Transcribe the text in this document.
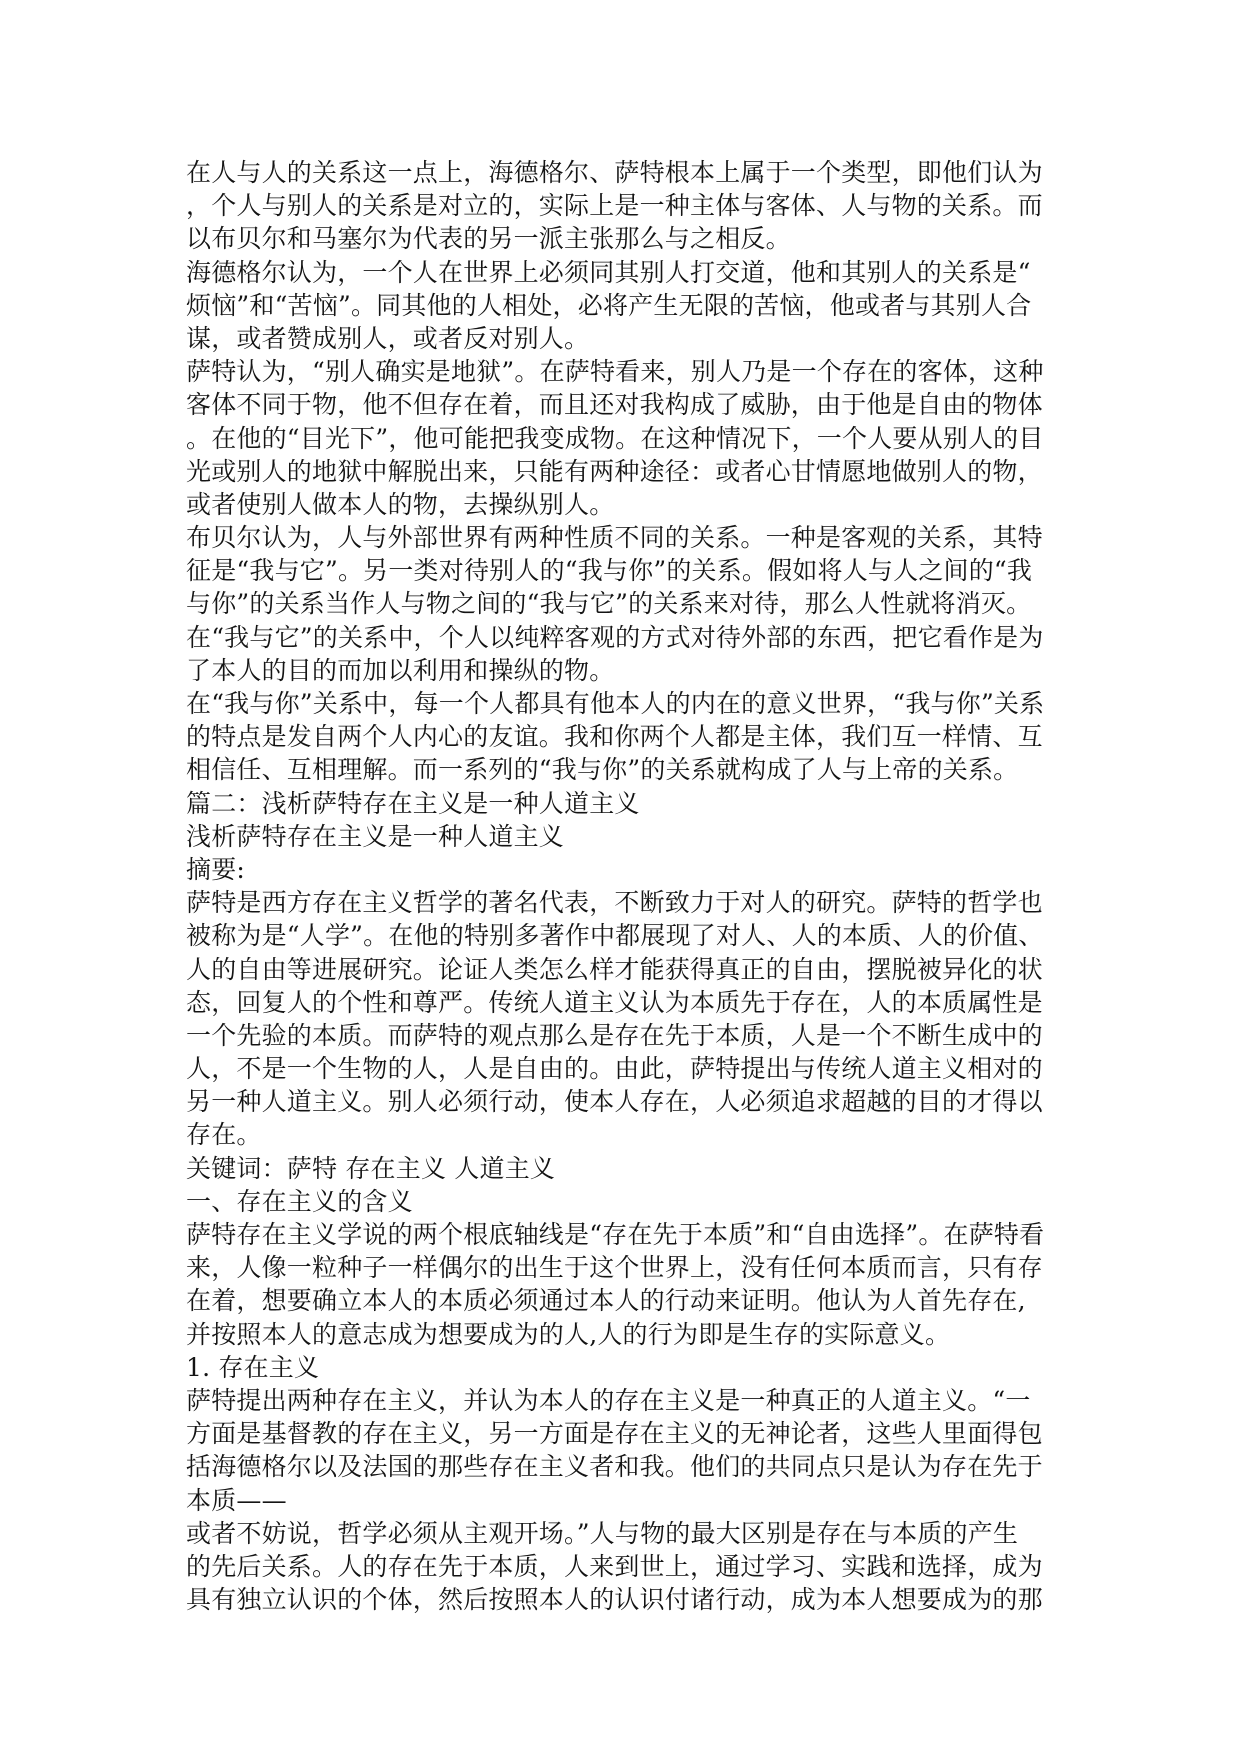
在人与人的关系这一点上，海德格尔、萨特根本上属于一个类型，即他们认为
，个人与别人的关系是对立的，实际上是一种主体与客体、人与物的关系。而
以布贝尔和马塞尔为代表的另一派主张那么与之相反。
海德格尔认为，一个人在世界上必须同其别人打交道，他和其别人的关系是“
烦恼”和“苦恼”。同其他的人相处，必将产生无限的苦恼，他或者与其别人合
谋，或者赞成别人，或者反对别人。
萨特认为，“别人确实是地狱”。在萨特看来，别人乃是一个存在的客体，这种
客体不同于物，他不但存在着，而且还对我构成了威胁，由于他是自由的物体
。在他的“目光下”，他可能把我变成物。在这种情况下，一个人要从别人的目
光或别人的地狱中解脱出来，只能有两种途径：或者心甘情愿地做别人的物，
或者使别人做本人的物，去操纵别人。
布贝尔认为，人与外部世界有两种性质不同的关系。一种是客观的关系，其特
征是“我与它”。另一类对待别人的“我与你”的关系。假如将人与人之间的“我
与你”的关系当作人与物之间的“我与它”的关系来对待，那么人性就将消灭。
在“我与它”的关系中，个人以纯粹客观的方式对待外部的东西，把它看作是为
了本人的目的而加以利用和操纵的物。
在“我与你”关系中，每一个人都具有他本人的内在的意义世界，“我与你”关系
的特点是发自两个人内心的友谊。我和你两个人都是主体，我们互一样情、互
相信任、互相理解。而一系列的“我与你”的关系就构成了人与上帝的关系。
篇二：浅析萨特存在主义是一种人道主义
浅析萨特存在主义是一种人道主义
摘要:
萨特是西方存在主义哲学的著名代表，不断致力于对人的研究。萨特的哲学也
被称为是“人学”。在他的特别多著作中都展现了对人、人的本质、人的价值、
人的自由等进展研究。论证人类怎么样才能获得真正的自由，摆脱被异化的状
态，回复人的个性和尊严。传统人道主义认为本质先于存在，人的本质属性是
一个先验的本质。而萨特的观点那么是存在先于本质，人是一个不断生成中的
人，不是一个生物的人，人是自由的。由此，萨特提出与传统人道主义相对的
另一种人道主义。别人必须行动，使本人存在，人必须追求超越的目的才得以
存在。
关键词：萨特 存在主义 人道主义
一、存在主义的含义
萨特存在主义学说的两个根底轴线是“存在先于本质”和“自由选择”。在萨特看
来，人像一粒种子一样偶尔的出生于这个世界上，没有任何本质而言，只有存
在着，想要确立本人的本质必须通过本人的行动来证明。他认为人首先存在,
并按照本人的意志成为想要成为的人,人的行为即是生存的实际意义。
1. 存在主义
萨特提出两种存在主义，并认为本人的存在主义是一种真正的人道主义。“一
方面是基督教的存在主义，另一方面是存在主义的无神论者，这些人里面得包
括海德格尔以及法国的那些存在主义者和我。他们的共同点只是认为存在先于
本质——
或者不妨说，哲学必须从主观开场。”人与物的最大区别是存在与本质的产生
的先后关系。人的存在先于本质，人来到世上，通过学习、实践和选择，成为
具有独立认识的个体，然后按照本人的认识付诸行动，成为本人想要成为的那
